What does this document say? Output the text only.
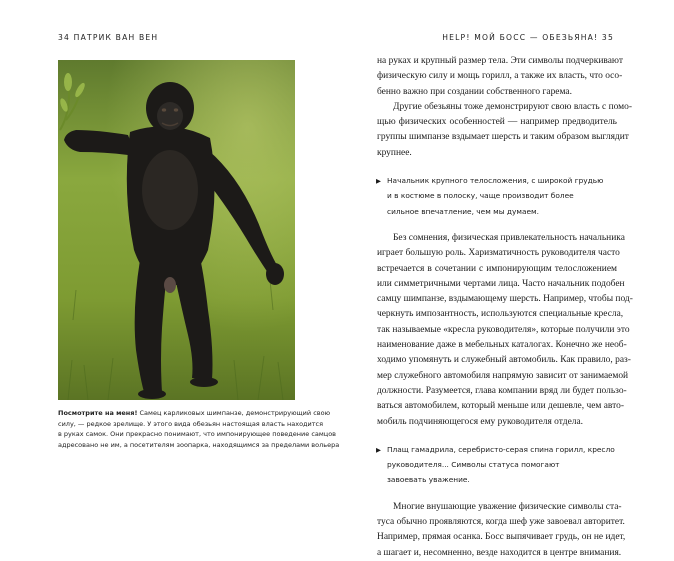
34 ПАТРИК ВАН ВЕН
Посмотрите на меня! Самец карликовых шимпанзе, демонстрирующий свою
силу, — редкое зрелище. У этого вида обезьян настоящая власть находится
в руках самок. Они прекрасно понимают, что импонирующее поведение самцов
адресовано не им, а посетителям зоопарка, находящимся за пределами вольера
HELP! МОЙ БОСС — ОБЕЗЬЯНА! 35
на руках и крупный размер тела. Эти символы подчеркивают
физическую силу и мощь горилл, а также их власть, что осо-
бенно важно при создании собственного гарема.
Другие обезьяны тоже демонстрируют свою власть с помо-
щью физических особенностей — например предводитель
группы шимпанзе вздымает шерсть и таким образом выглядит
крупнее.
▶ Начальник крупного телосложения, с широкой грудью
и в костюме в полоску, чаще производит более
сильное впечатление, чем мы думаем.
Без сомнения, физическая привлекательность начальника
играет большую роль. Харизматичность руководителя часто
встречается в сочетании с импонирующим телосложением
или симметричными чертами лица. Часто начальник подобен
самцу шимпанзе, вздымающему шерсть. Например, чтобы под-
черкнуть импозантность, используются специальные кресла,
так называемые «кресла руководителя», которые получили это
наименование даже в мебельных каталогах. Конечно же необ-
ходимо упомянуть и служебный автомобиль. Как правило, раз-
мер служебного автомобиля напрямую зависит от занимаемой
должности. Разумеется, глава компании вряд ли будет пользо-
ваться автомобилем, который меньше или дешевле, чем авто-
мобиль подчиняющегося ему руководителя отдела.
▶ Плащ гамадрила, серебристо-серая спина горилл, кресло
руководителя... Символы статуса помогают
завоевать уважение.
Многие внушающие уважение физические символы ста-
туса обычно проявляются, когда шеф уже завоевал авторитет.
Например, прямая осанка. Босс выпячивает грудь, он не идет,
а шагает и, несомненно, везде находится в центре внимания.
